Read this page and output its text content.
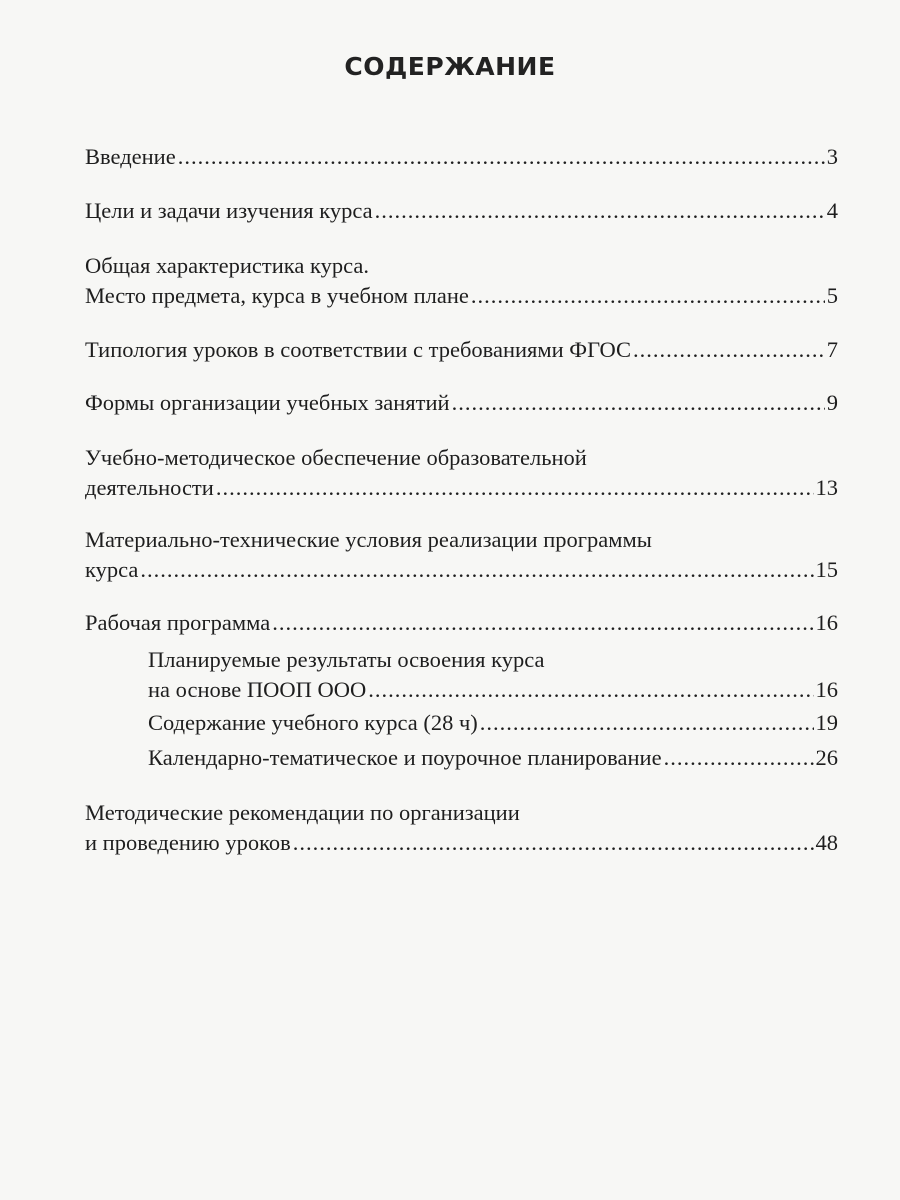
СОДЕРЖАНИЕ
Введение .....	3
Цели и задачи изучения курса .....	4
Общая характеристика курса.
Место предмета, курса в учебном плане .....	5
Типология уроков в соответствии с требованиями ФГОС .....	7
Формы организации учебных занятий .....	9
Учебно-методическое обеспечение образовательной
деятельности .....	13
Материально-технические условия реализации программы
курса .....	15
Рабочая программа .....	16
Планируемые результаты освоения курса
на основе ПООП ООО .....	16
Содержание учебного курса (28 ч) .....	19
Календарно-тематическое и поурочное планирование .....	26
Методические рекомендации по организации
и проведению уроков .....	48
